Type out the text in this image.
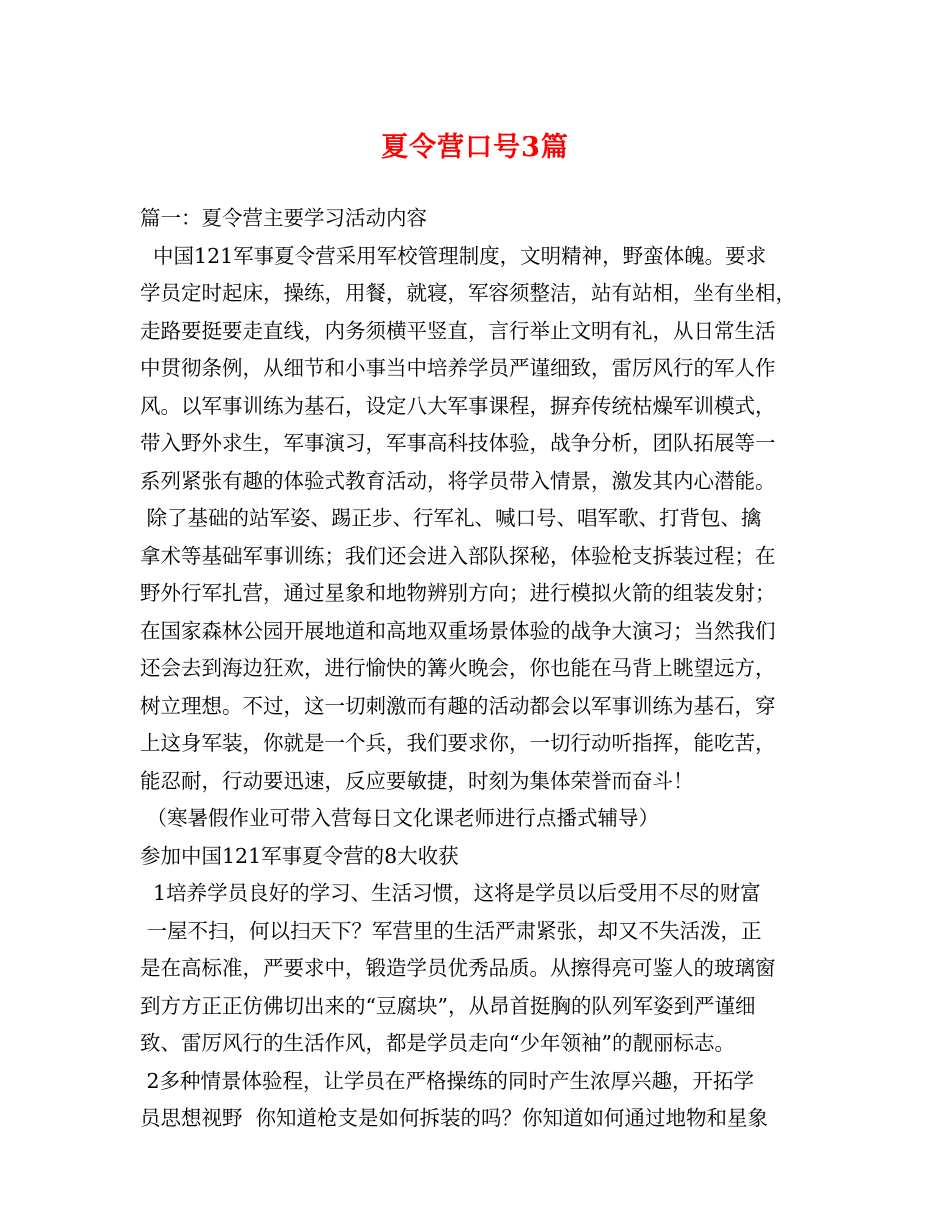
夏令营口号3篇
篇一：夏令营主要学习活动内容
中国121军事夏令营采用军校管理制度，文明精神，野蛮体魄。要求
学员定时起床，操练，用餐，就寝，军容须整洁，站有站相，坐有坐相，
走路要挺要走直线，内务须横平竖直，言行举止文明有礼，从日常生活
中贯彻条例，从细节和小事当中培养学员严谨细致，雷厉风行的军人作
风。以军事训练为基石，设定八大军事课程，摒弃传统枯燥军训模式，
带入野外求生，军事演习，军事高科技体验，战争分析，团队拓展等一
系列紧张有趣的体验式教育活动，将学员带入情景，激发其内心潜能。
除了基础的站军姿、踢正步、行军礼、喊口号、唱军歌、打背包、擒
拿术等基础军事训练；我们还会进入部队探秘，体验枪支拆装过程；在
野外行军扎营，通过星象和地物辨别方向；进行模拟火箭的组装发射；
在国家森林公园开展地道和高地双重场景体验的战争大演习；当然我们
还会去到海边狂欢，进行愉快的篝火晚会，你也能在马背上眺望远方，
树立理想。不过，这一切刺激而有趣的活动都会以军事训练为基石，穿
上这身军装，你就是一个兵，我们要求你，一切行动听指挥，能吃苦，
能忍耐，行动要迅速，反应要敏捷，时刻为集体荣誉而奋斗！
（寒暑假作业可带入营每日文化课老师进行点播式辅导）
参加中国121军事夏令营的8大收获
1培养学员良好的学习、生活习惯，这将是学员以后受用不尽的财富
一屋不扫，何以扫天下？军营里的生活严肃紧张，却又不失活泼，正
是在高标准，严要求中，锻造学员优秀品质。从擦得亮可鉴人的玻璃窗
到方方正正仿佛切出来的“豆腐块”，从昂首挺胸的队列军姿到严谨细
致、雷厉风行的生活作风，都是学员走向“少年领袖”的靓丽标志。
2多种情景体验程，让学员在严格操练的同时产生浓厚兴趣，开拓学
员思想视野  你知道枪支是如何拆装的吗？你知道如何通过地物和星象
